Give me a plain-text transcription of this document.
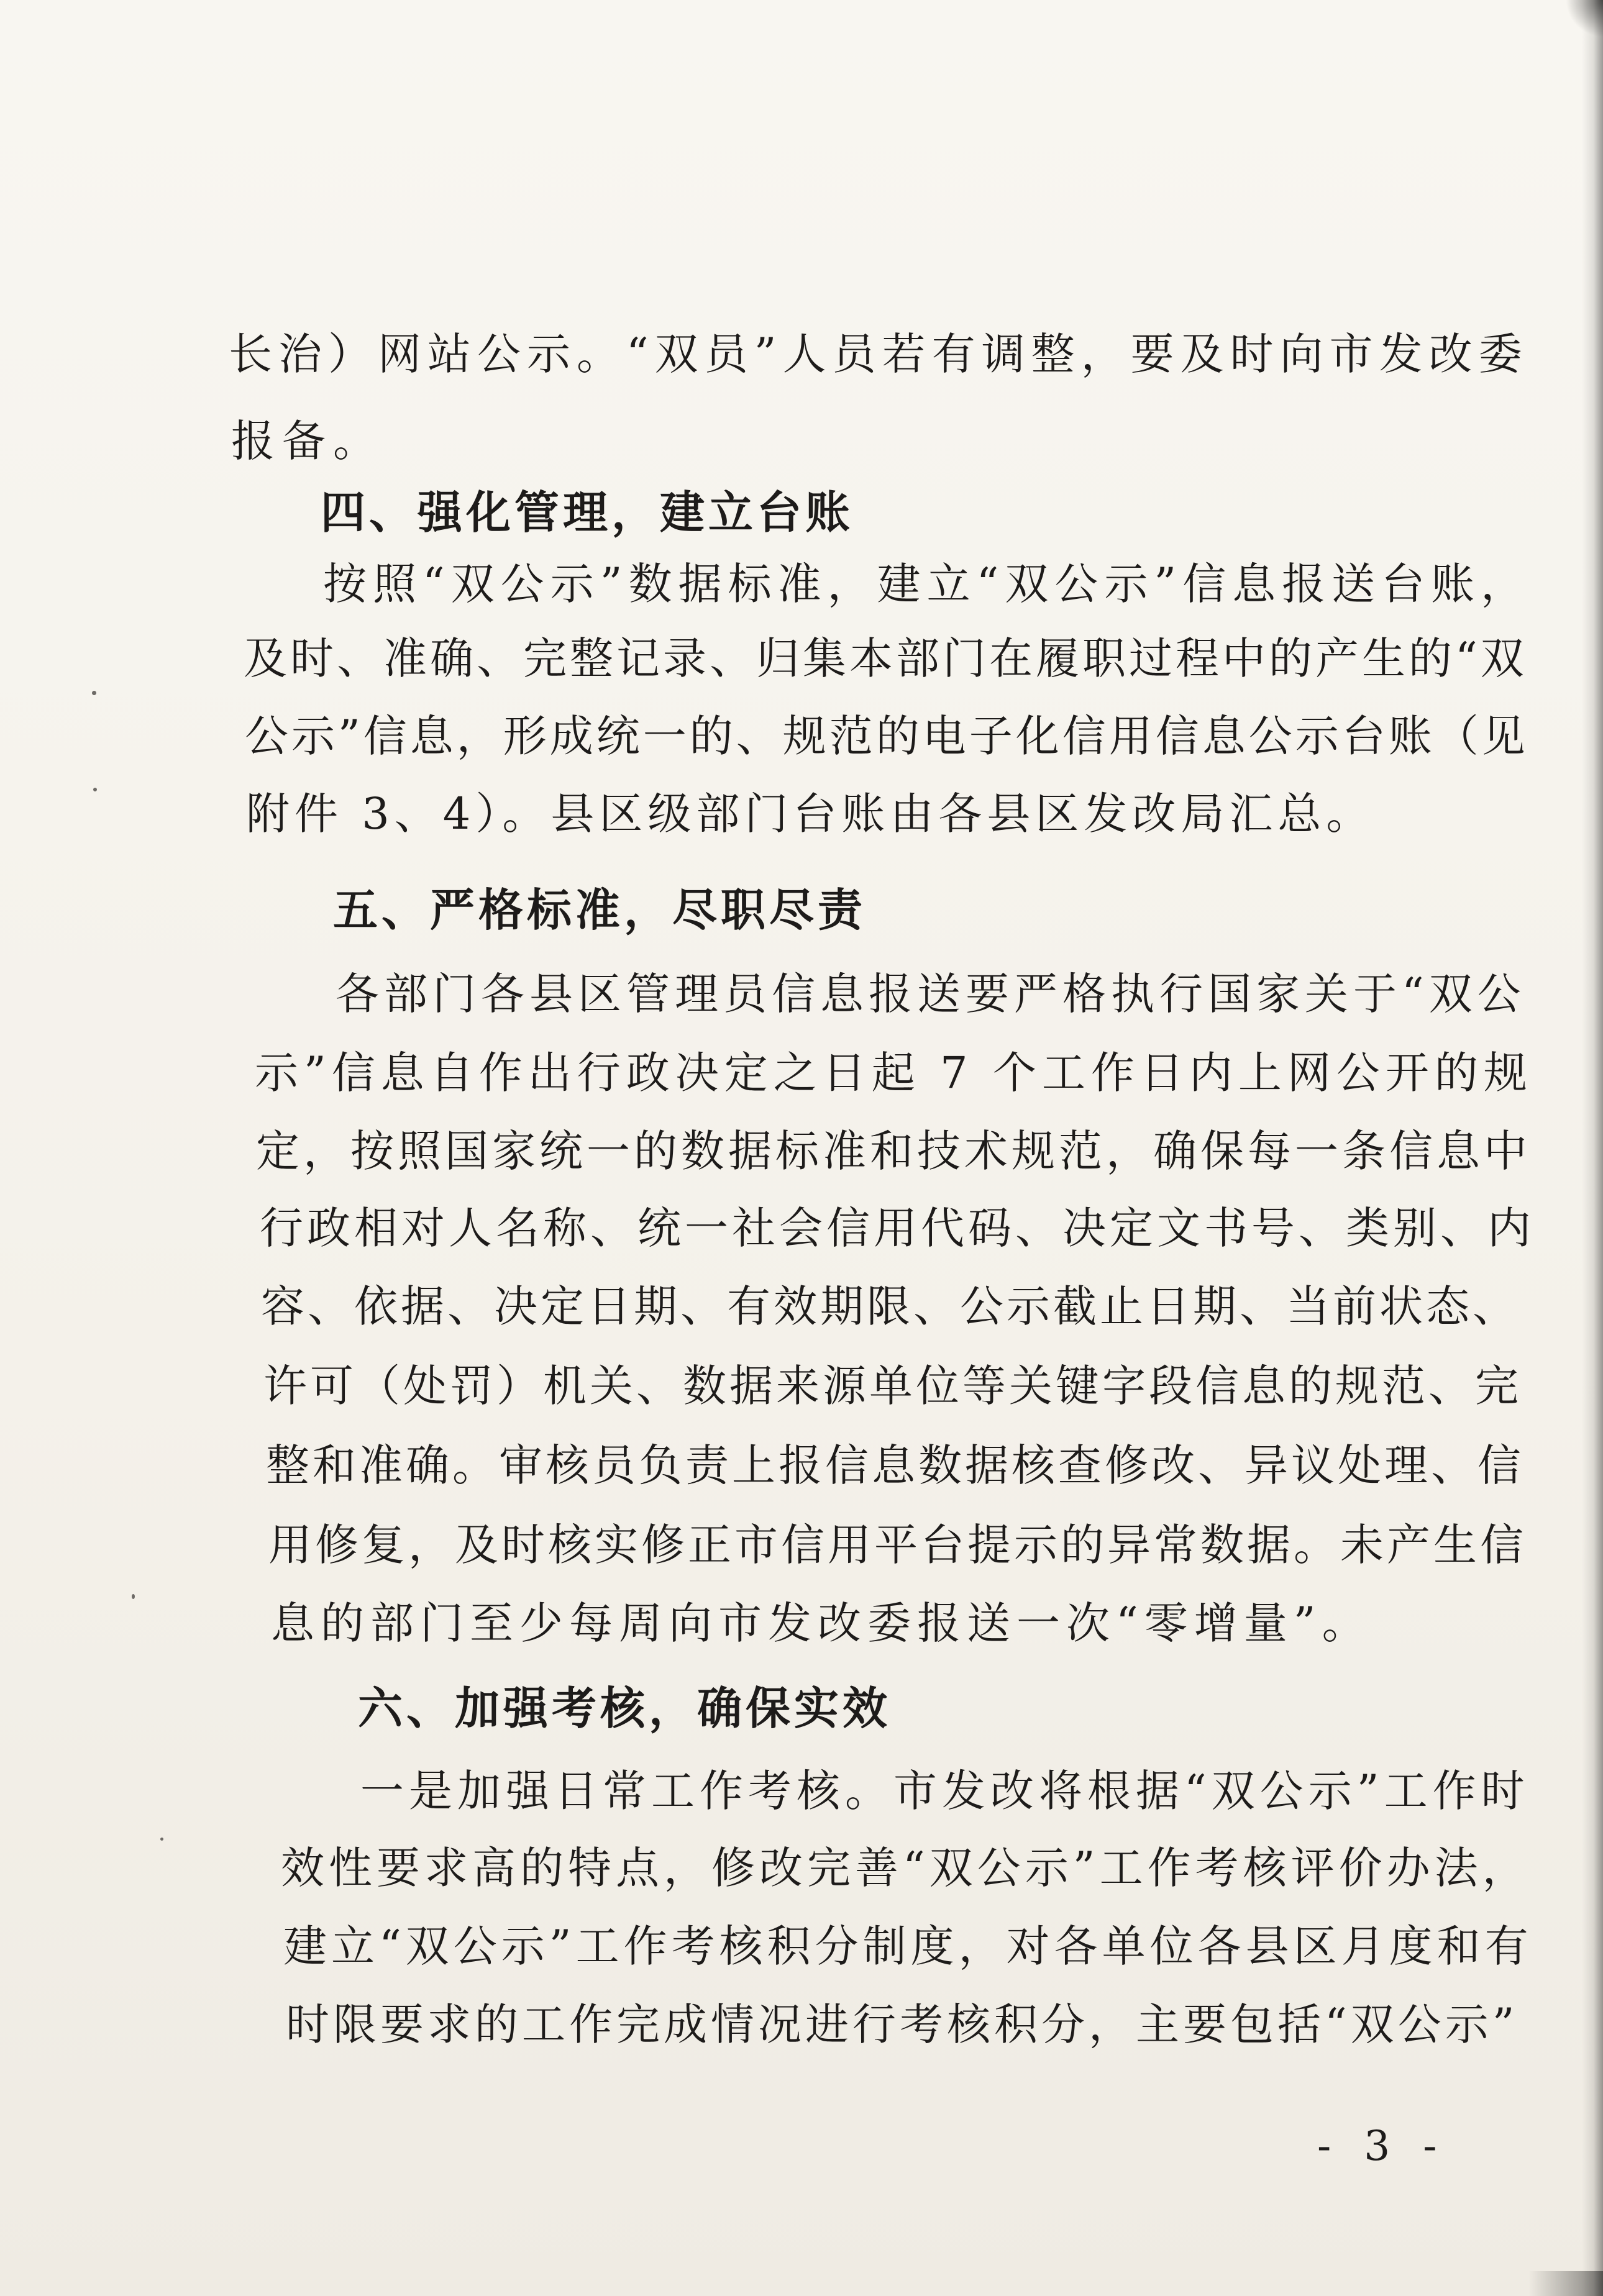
长治）网站公示。“双员”人员若有调整，要及时向市发改委
报备。
四、强化管理，建立台账
按照“双公示”数据标准，建立“双公示”信息报送台账，
及时、准确、完整记录、归集本部门在履职过程中的产生的“双
公示”信息，形成统一的、规范的电子化信用信息公示台账（见
附件 3、4）。县区级部门台账由各县区发改局汇总。
五、严格标准，尽职尽责
各部门各县区管理员信息报送要严格执行国家关于“双公
示”信息自作出行政决定之日起 7 个工作日内上网公开的规
定，按照国家统一的数据标准和技术规范，确保每一条信息中
行政相对人名称、统一社会信用代码、决定文书号、类别、内
容、依据、决定日期、有效期限、公示截止日期、当前状态、
许可（处罚）机关、数据来源单位等关键字段信息的规范、完
整和准确。审核员负责上报信息数据核查修改、异议处理、信
用修复，及时核实修正市信用平台提示的异常数据。未产生信
息的部门至少每周向市发改委报送一次“零增量”。
六、加强考核，确保实效
一是加强日常工作考核。市发改将根据“双公示”工作时
效性要求高的特点，修改完善“双公示”工作考核评价办法，
建立“双公示”工作考核积分制度，对各单位各县区月度和有
时限要求的工作完成情况进行考核积分，主要包括“双公示”
- 3 -
